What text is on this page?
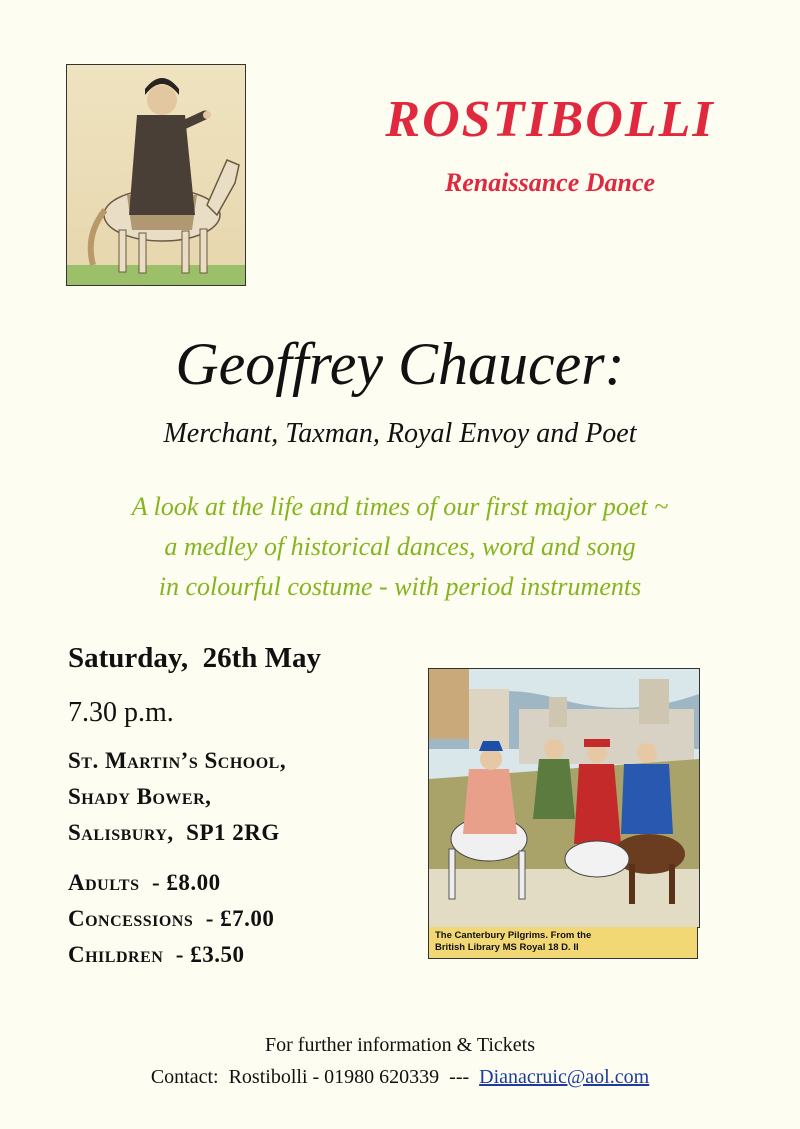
ROSTIBOLLI
Renaissance Dance
Geoffrey Chaucer:
Merchant, Taxman, Royal Envoy and Poet
A look at the life and times of our first major poet ~
a medley of historical dances, word and song
in colourful costume - with period instruments
Saturday,  26th May
7.30 p.m.
St. Martin’s School,
Shady Bower,
Salisbury,  SP1 2RG
Adults  - £8.00
Concessions  - £7.00
Children  - £3.50
The Canterbury Pilgrims. From the
British Library MS Royal 18 D. II
For further information & Tickets
Contact:  Rostibolli - 01980 620339  ---  Dianacruic@aol.com
